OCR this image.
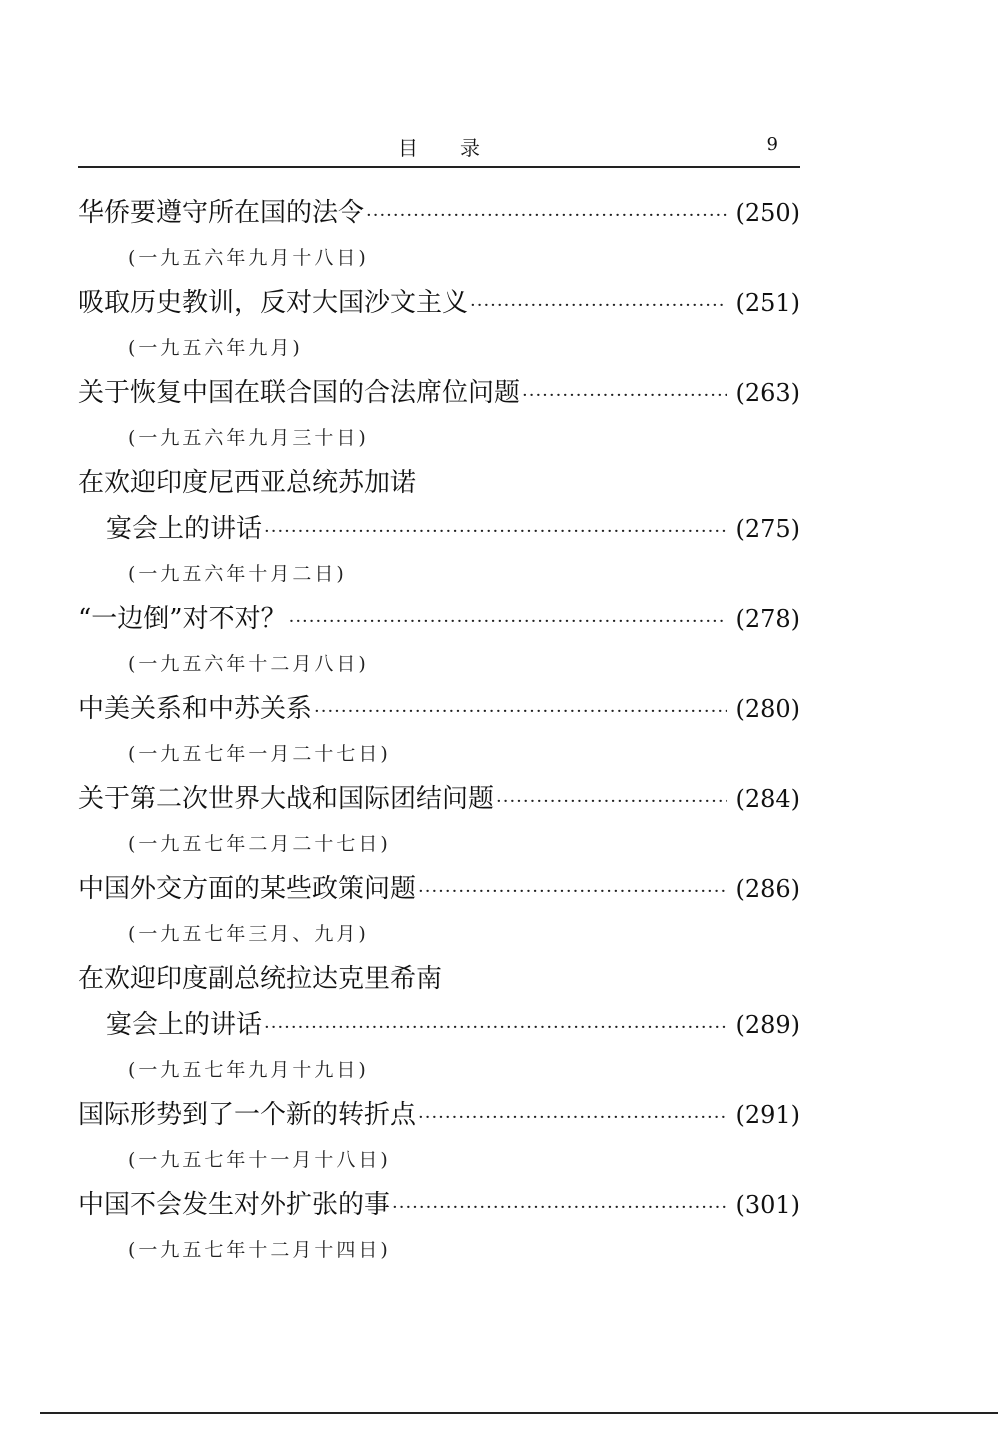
目录	9
华侨要遵守所在国的法令 ·····	(250)
(一九五六年九月十八日)
吸取历史教训，反对大国沙文主义 ·····	(251)
(一九五六年九月)
关于恢复中国在联合国的合法席位问题 ·····	(263)
(一九五六年九月三十日)
在欢迎印度尼西亚总统苏加诺
宴会上的讲话 ·····	(275)
(一九五六年十月二日)
“一边倒”对不对？ ·····	(278)
(一九五六年十二月八日)
中美关系和中苏关系 ·····	(280)
(一九五七年一月二十七日)
关于第二次世界大战和国际团结问题 ·····	(284)
(一九五七年二月二十七日)
中国外交方面的某些政策问题 ·····	(286)
(一九五七年三月、九月)
在欢迎印度副总统拉达克里希南
宴会上的讲话 ·····	(289)
(一九五七年九月十九日)
国际形势到了一个新的转折点 ·····	(291)
(一九五七年十一月十八日)
中国不会发生对外扩张的事 ·····	(301)
(一九五七年十二月十四日)
